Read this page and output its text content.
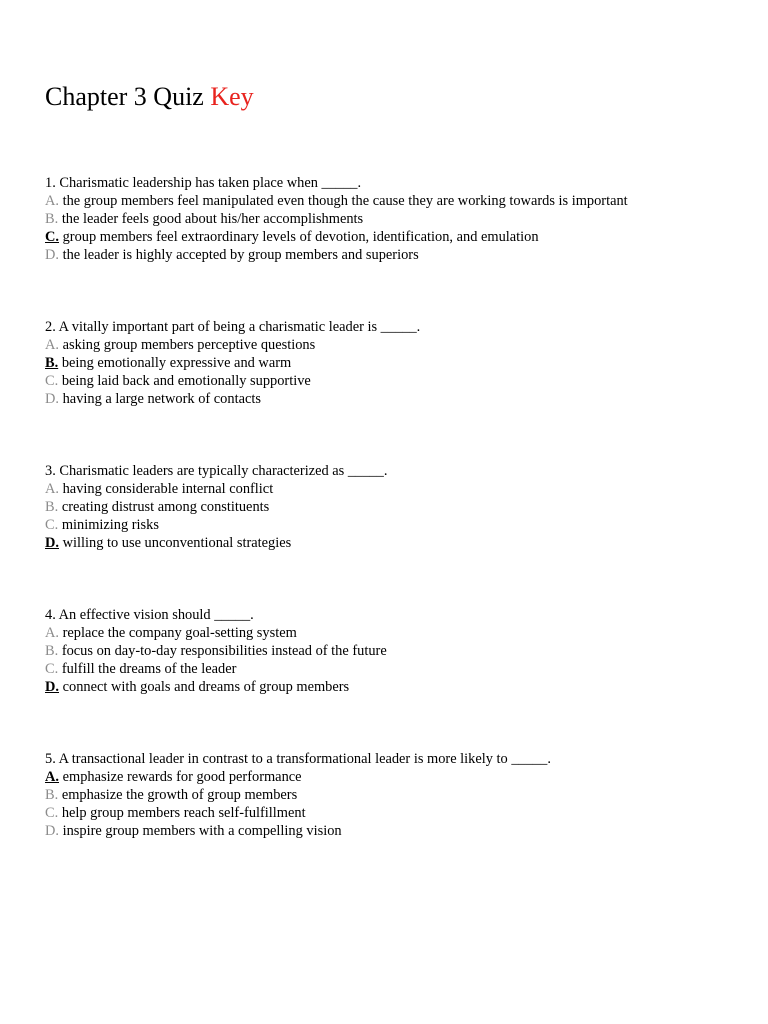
Chapter 3 Quiz Key
1. Charismatic leadership has taken place when _____.
A. the group members feel manipulated even though the cause they are working towards is important
B. the leader feels good about his/her accomplishments
C. group members feel extraordinary levels of devotion, identification, and emulation
D. the leader is highly accepted by group members and superiors
2. A vitally important part of being a charismatic leader is _____.
A. asking group members perceptive questions
B. being emotionally expressive and warm
C. being laid back and emotionally supportive
D. having a large network of contacts
3. Charismatic leaders are typically characterized as _____.
A. having considerable internal conflict
B. creating distrust among constituents
C. minimizing risks
D. willing to use unconventional strategies
4. An effective vision should _____.
A. replace the company goal-setting system
B. focus on day-to-day responsibilities instead of the future
C. fulfill the dreams of the leader
D. connect with goals and dreams of group members
5. A transactional leader in contrast to a transformational leader is more likely to _____.
A. emphasize rewards for good performance
B. emphasize the growth of group members
C. help group members reach self-fulfillment
D. inspire group members with a compelling vision
